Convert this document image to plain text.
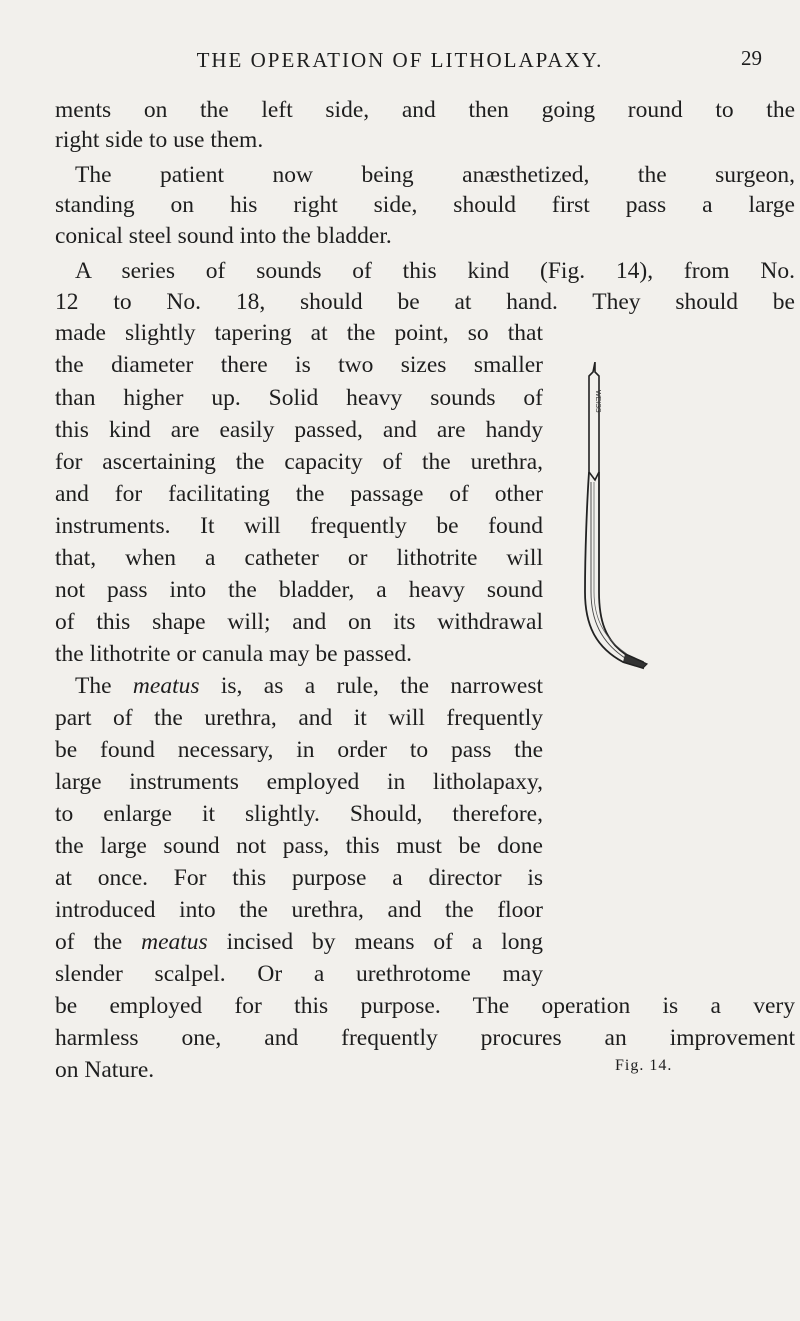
THE OPERATION OF LITHOLAPAXY.	29
ments on the left side, and then going round to the
right side to use them.
The patient now being anæsthetized, the surgeon,
standing on his right side, should first pass a large
conical steel sound into the bladder.
A series of sounds of this kind (Fig. 14), from No.
12 to No. 18, should be at hand. They should be
made slightly tapering at the point, so that
the diameter there is two sizes smaller
than higher up. Solid heavy sounds of
this kind are easily passed, and are handy
for ascertaining the capacity of the urethra,
and for facilitating the passage of other
instruments. It will frequently be found
that, when a catheter or lithotrite will
not pass into the bladder, a heavy sound
of this shape will; and on its withdrawal
the lithotrite or canula may be passed.
The meatus is, as a rule, the narrowest
part of the urethra, and it will frequently
be found necessary, in order to pass the
large instruments employed in litholapaxy,
to enlarge it slightly. Should, therefore,
the large sound not pass, this must be done
at once. For this purpose a director is
introduced into the urethra, and the floor
of the meatus incised by means of a long
slender scalpel. Or a urethrotome may
be employed for this purpose. The operation is a very
harmless one, and frequently procures an improvement
on Nature.
WEISS
Fig. 14.
